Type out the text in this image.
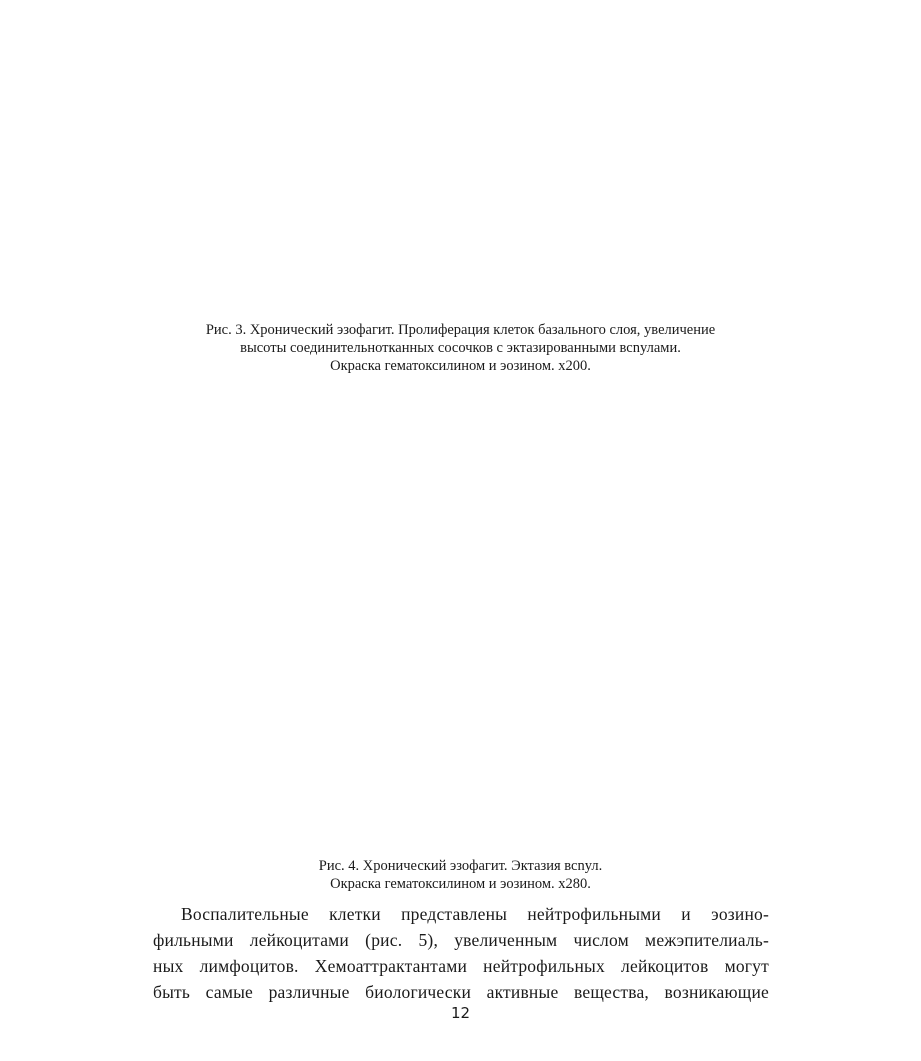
Рис. 3. Хронический эзофагит. Пролиферация клеток базального слоя, увеличение
высоты соединительнотканных сосочков с эктазированными всnулами.
Окраска гематоксилином и эозином. х200.
Рис. 4. Хронический эзофагит. Эктазия всnул.
Окраска гематоксилином и эозином. х280.
Воспалительные клетки представлены нейтрофильными и эозино-
фильными лейкоцитами (рис. 5), увеличенным числом межэпителиаль-
ных лимфоцитов. Хемоаттрактантами нейтрофильных лейкоцитов могут
быть самые различные биологически активные вещества, возникающие
12
